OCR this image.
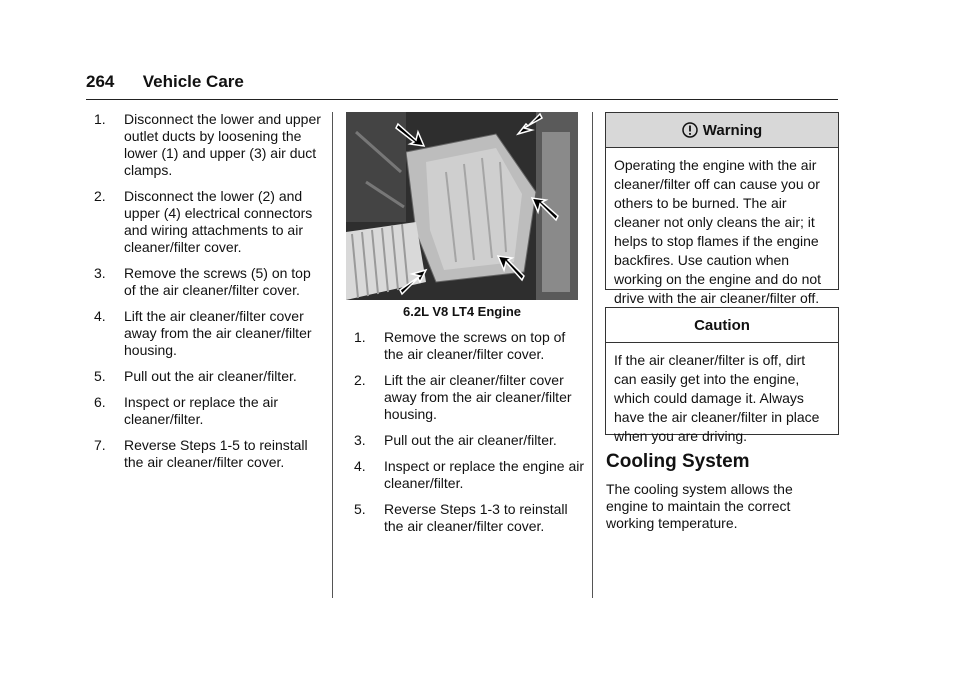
264 Vehicle Care
1. Disconnect the lower and upper outlet ducts by loosening the lower (1) and upper (3) air duct clamps.
2. Disconnect the lower (2) and upper (4) electrical connectors and wiring attachments to air cleaner/filter cover.
3. Remove the screws (5) on top of the air cleaner/filter cover.
4. Lift the air cleaner/filter cover away from the air cleaner/filter housing.
5. Pull out the air cleaner/filter.
6. Inspect or replace the air cleaner/filter.
7. Reverse Steps 1-5 to reinstall the air cleaner/filter cover.
6.2L V8 LT4 Engine
1. Remove the screws on top of the air cleaner/filter cover.
2. Lift the air cleaner/filter cover away from the air cleaner/filter housing.
3. Pull out the air cleaner/filter.
4. Inspect or replace the engine air cleaner/filter.
5. Reverse Steps 1-3 to reinstall the air cleaner/filter cover.
Warning
Operating the engine with the air cleaner/filter off can cause you or others to be burned. The air cleaner not only cleans the air; it helps to stop flames if the engine backfires. Use caution when working on the engine and do not drive with the air cleaner/filter off.
Caution
If the air cleaner/filter is off, dirt can easily get into the engine, which could damage it. Always have the air cleaner/filter in place when you are driving.
Cooling System
The cooling system allows the engine to maintain the correct working temperature.
